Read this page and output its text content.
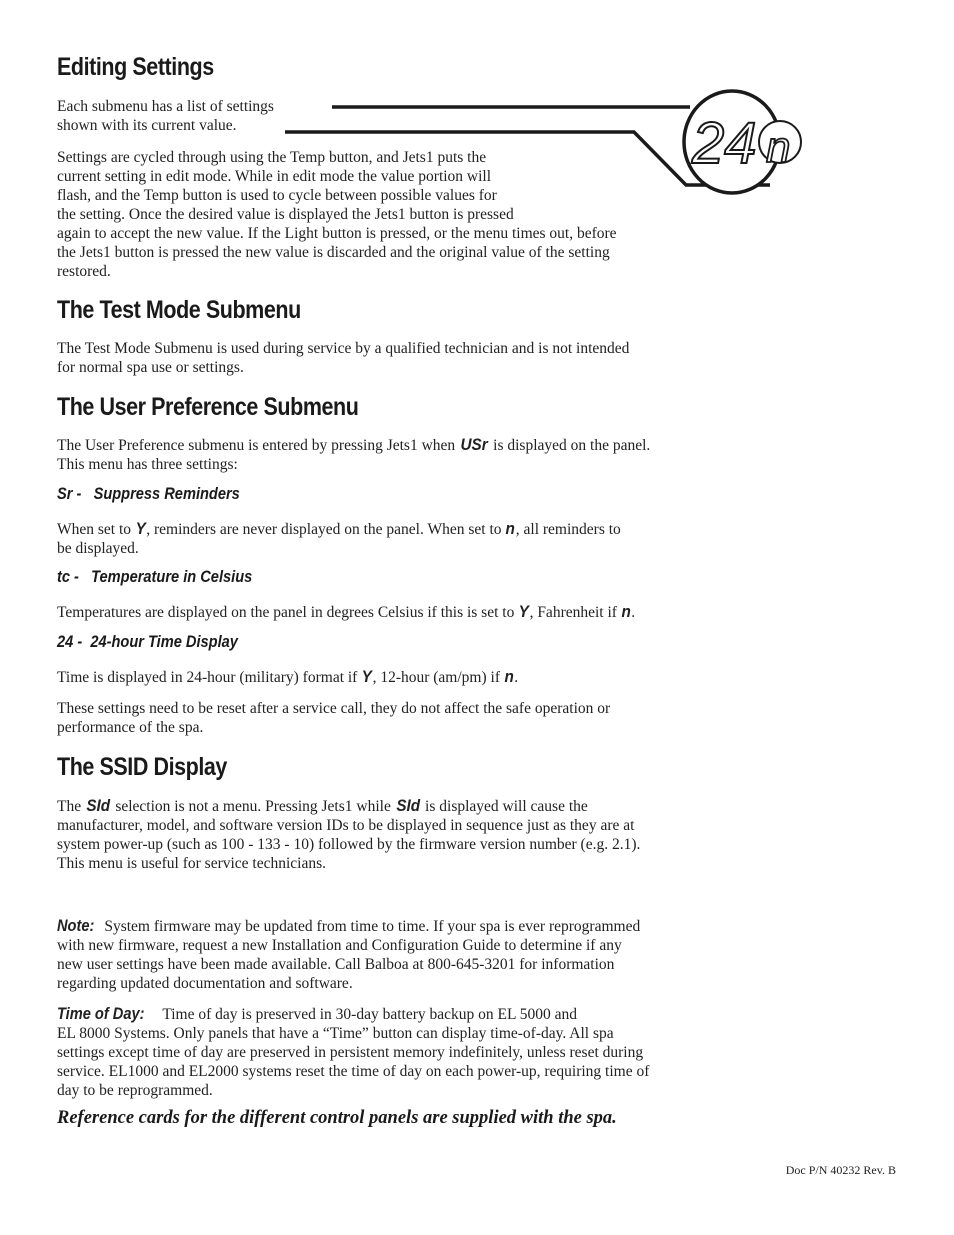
Editing Settings

Each submenu has a list of settings
shown with its current value.	24 n

Settings are cycled through using the Temp button, and Jets1 puts the
current setting in edit mode. While in edit mode the value portion will
flash, and the Temp button is used to cycle between possible values for
the setting. Once the desired value is displayed the Jets1 button is pressed
again to accept the new value. If the Light button is pressed, or the menu times out, before
the Jets1 button is pressed the new value is discarded and the original value of the setting
restored.

The Test Mode Submenu

The Test Mode Submenu is used during service by a qualified technician and is not intended
for normal spa use or settings.

The User Preference Submenu

The User Preference submenu is entered by pressing Jets1 when USr is displayed on the panel.
This menu has three settings:

Sr - Suppress Reminders

When set to Y, reminders are never displayed on the panel. When set to n, all reminders to
be displayed.

tc - Temperature in Celsius

Temperatures are displayed on the panel in degrees Celsius if this is set to Y, Fahrenheit if n.

24 - 24-hour Time Display

Time is displayed in 24-hour (military) format if Y, 12-hour (am/pm) if n.

These settings need to be reset after a service call, they do not affect the safe operation or
performance of the spa.

The SSID Display

The SId selection is not a menu. Pressing Jets1 while SId is displayed will cause the
manufacturer, model, and software version IDs to be displayed in sequence just as they are at
system power-up (such as 100 - 133 - 10) followed by the firmware version number (e.g. 2.1).
This menu is useful for service technicians.

Note: System firmware may be updated from time to time. If your spa is ever reprogrammed
with new firmware, request a new Installation and Configuration Guide to determine if any
new user settings have been made available. Call Balboa at 800-645-3201 for information
regarding updated documentation and software.

Time of Day: Time of day is preserved in 30-day battery backup on EL 5000 and
EL 8000 Systems. Only panels that have a “Time” button can display time-of-day. All spa
settings except time of day are preserved in persistent memory indefinitely, unless reset during
service. EL1000 and EL2000 systems reset the time of day on each power-up, requiring time of
day to be reprogrammed.

Reference cards for the different control panels are supplied with the spa.

Doc P/N 40232 Rev. B
